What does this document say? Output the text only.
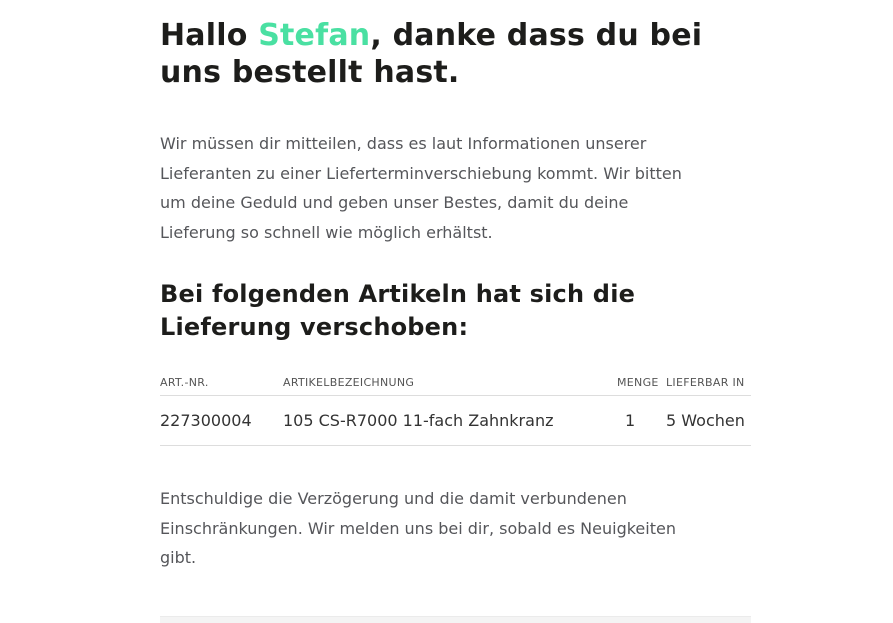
Hallo Stefan, danke dass du bei
uns bestellt hast.
Wir müssen dir mitteilen, dass es laut Informationen unserer
Lieferanten zu einer Lieferterminverschiebung kommt. Wir bitten
um deine Geduld und geben unser Bestes, damit du deine
Lieferung so schnell wie möglich erhältst.
Bei folgenden Artikeln hat sich die
Lieferung verschoben:
ART.-NR.	ARTIKELBEZEICHNUNG	MENGE	LIEFERBAR IN
227300004	105 CS-R7000 11-fach Zahnkranz	1	5 Wochen
Entschuldige die Verzögerung und die damit verbundenen
Einschränkungen. Wir melden uns bei dir, sobald es Neuigkeiten
gibt.
